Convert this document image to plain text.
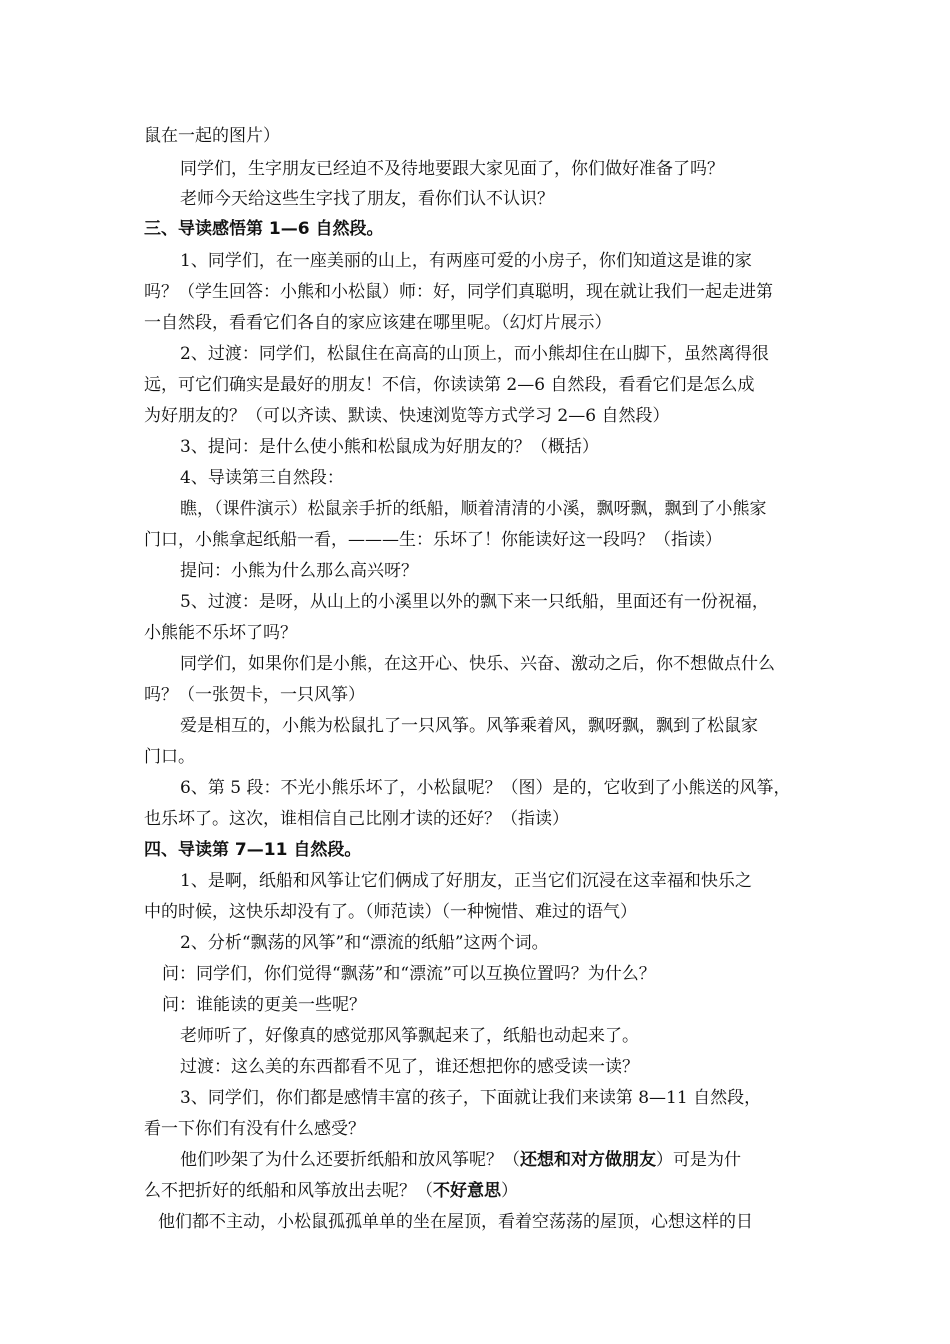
鼠在一起的图片）
同学们，生字朋友已经迫不及待地要跟大家见面了，你们做好准备了吗？
老师今天给这些生字找了朋友，看你们认不认识？
三、导读感悟第 1—6 自然段。
1、同学们，在一座美丽的山上，有两座可爱的小房子，你们知道这是谁的家
吗？（学生回答：小熊和小松鼠）师：好，同学们真聪明，现在就让我们一起走进第
一自然段，看看它们各自的家应该建在哪里呢。（幻灯片展示）
2、过渡：同学们，松鼠住在高高的山顶上，而小熊却住在山脚下，虽然离得很
远，可它们确实是最好的朋友！不信，你读读第 2—6 自然段，看看它们是怎么成
为好朋友的？（可以齐读、默读、快速浏览等方式学习 2—6 自然段）
3、提问：是什么使小熊和松鼠成为好朋友的？（概括）
4、导读第三自然段：
瞧，（课件演示）松鼠亲手折的纸船，顺着清清的小溪，飘呀飘，飘到了小熊家
门口，小熊拿起纸船一看，———生：乐坏了！你能读好这一段吗？（指读）
提问：小熊为什么那么高兴呀？
5、过渡：是呀，从山上的小溪里以外的飘下来一只纸船，里面还有一份祝福，
小熊能不乐坏了吗？
同学们，如果你们是小熊，在这开心、快乐、兴奋、激动之后，你不想做点什么
吗？（一张贺卡，一只风筝）
爱是相互的，小熊为松鼠扎了一只风筝。风筝乘着风，飘呀飘，飘到了松鼠家
门口。
6、第 5 段：不光小熊乐坏了，小松鼠呢？（图）是的，它收到了小熊送的风筝，
也乐坏了。这次，谁相信自己比刚才读的还好？（指读）
四、导读第 7—11 自然段。
1、是啊，纸船和风筝让它们俩成了好朋友，正当它们沉浸在这幸福和快乐之
中的时候，这快乐却没有了。（师范读）（一种惋惜、难过的语气）
2、分析“飘荡的风筝”和“漂流的纸船”这两个词。
问：同学们，你们觉得“飘荡”和“漂流”可以互换位置吗？为什么？
问：谁能读的更美一些呢？
老师听了，好像真的感觉那风筝飘起来了，纸船也动起来了。
过渡：这么美的东西都看不见了，谁还想把你的感受读一读？
3、同学们，你们都是感情丰富的孩子，下面就让我们来读第 8—11 自然段，
看一下你们有没有什么感受？
他们吵架了为什么还要折纸船和放风筝呢？（还想和对方做朋友）可是为什
么不把折好的纸船和风筝放出去呢？（不好意思）
他们都不主动，小松鼠孤孤单单的坐在屋顶，看着空荡荡的屋顶，心想这样的日
